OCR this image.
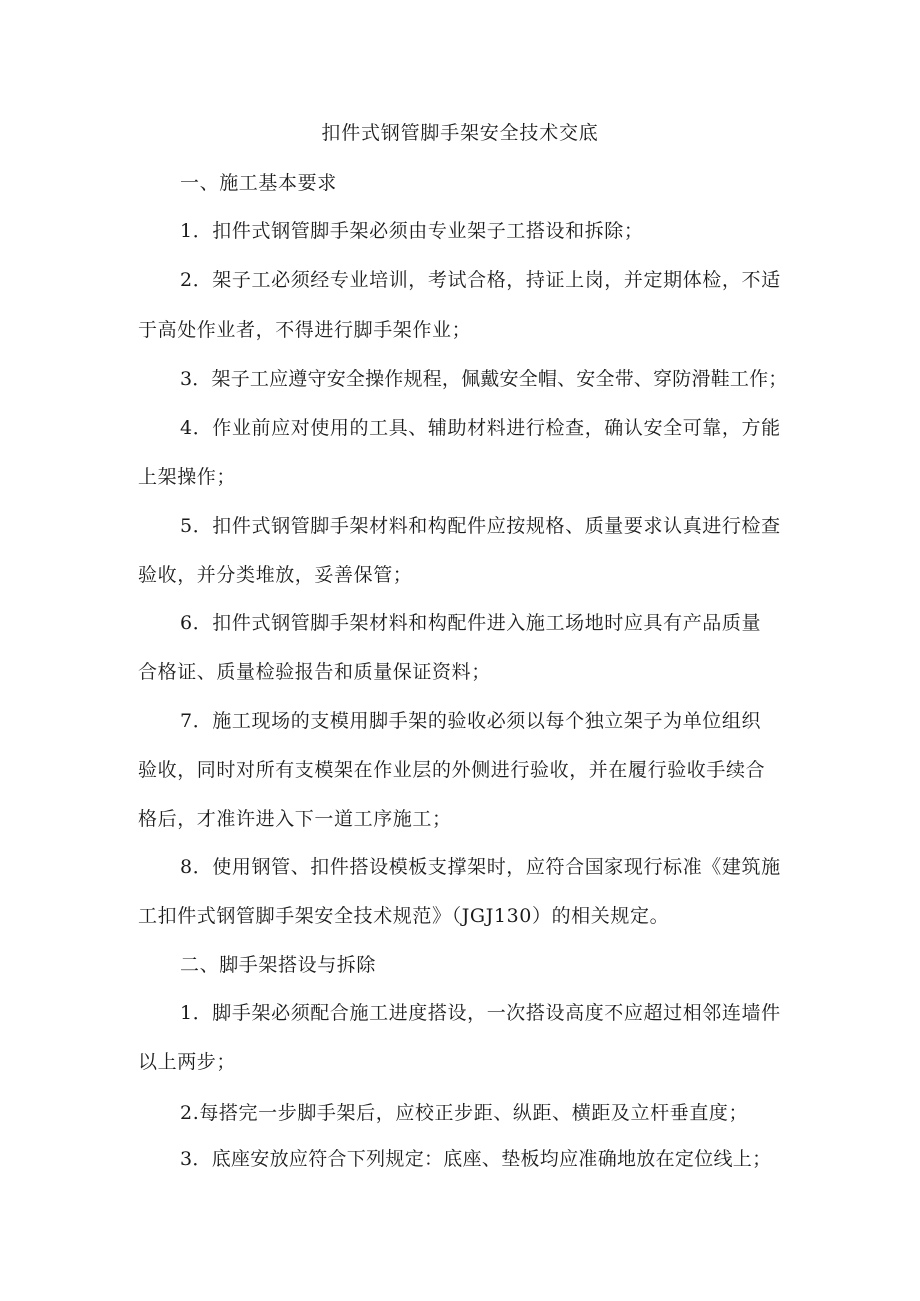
扣件式钢管脚手架安全技术交底
一、施工基本要求
1．扣件式钢管脚手架必须由专业架子工搭设和拆除；
2．架子工必须经专业培训，考试合格，持证上岗，并定期体检，不适
于高处作业者，不得进行脚手架作业；
3．架子工应遵守安全操作规程，佩戴安全帽、安全带、穿防滑鞋工作；
4．作业前应对使用的工具、辅助材料进行检查，确认安全可靠，方能
上架操作；
5．扣件式钢管脚手架材料和构配件应按规格、质量要求认真进行检查
验收，并分类堆放，妥善保管；
6．扣件式钢管脚手架材料和构配件进入施工场地时应具有产品质量
合格证、质量检验报告和质量保证资料；
7．施工现场的支模用脚手架的验收必须以每个独立架子为单位组织
验收，同时对所有支模架在作业层的外侧进行验收，并在履行验收手续合
格后，才准许进入下一道工序施工；
8．使用钢管、扣件搭设模板支撑架时，应符合国家现行标准《建筑施
工扣件式钢管脚手架安全技术规范》（JGJ130）的相关规定。
二、脚手架搭设与拆除
1．脚手架必须配合施工进度搭设，一次搭设高度不应超过相邻连墙件
以上两步；
2.每搭完一步脚手架后，应校正步距、纵距、横距及立杆垂直度；
3．底座安放应符合下列规定：底座、垫板均应准确地放在定位线上；
